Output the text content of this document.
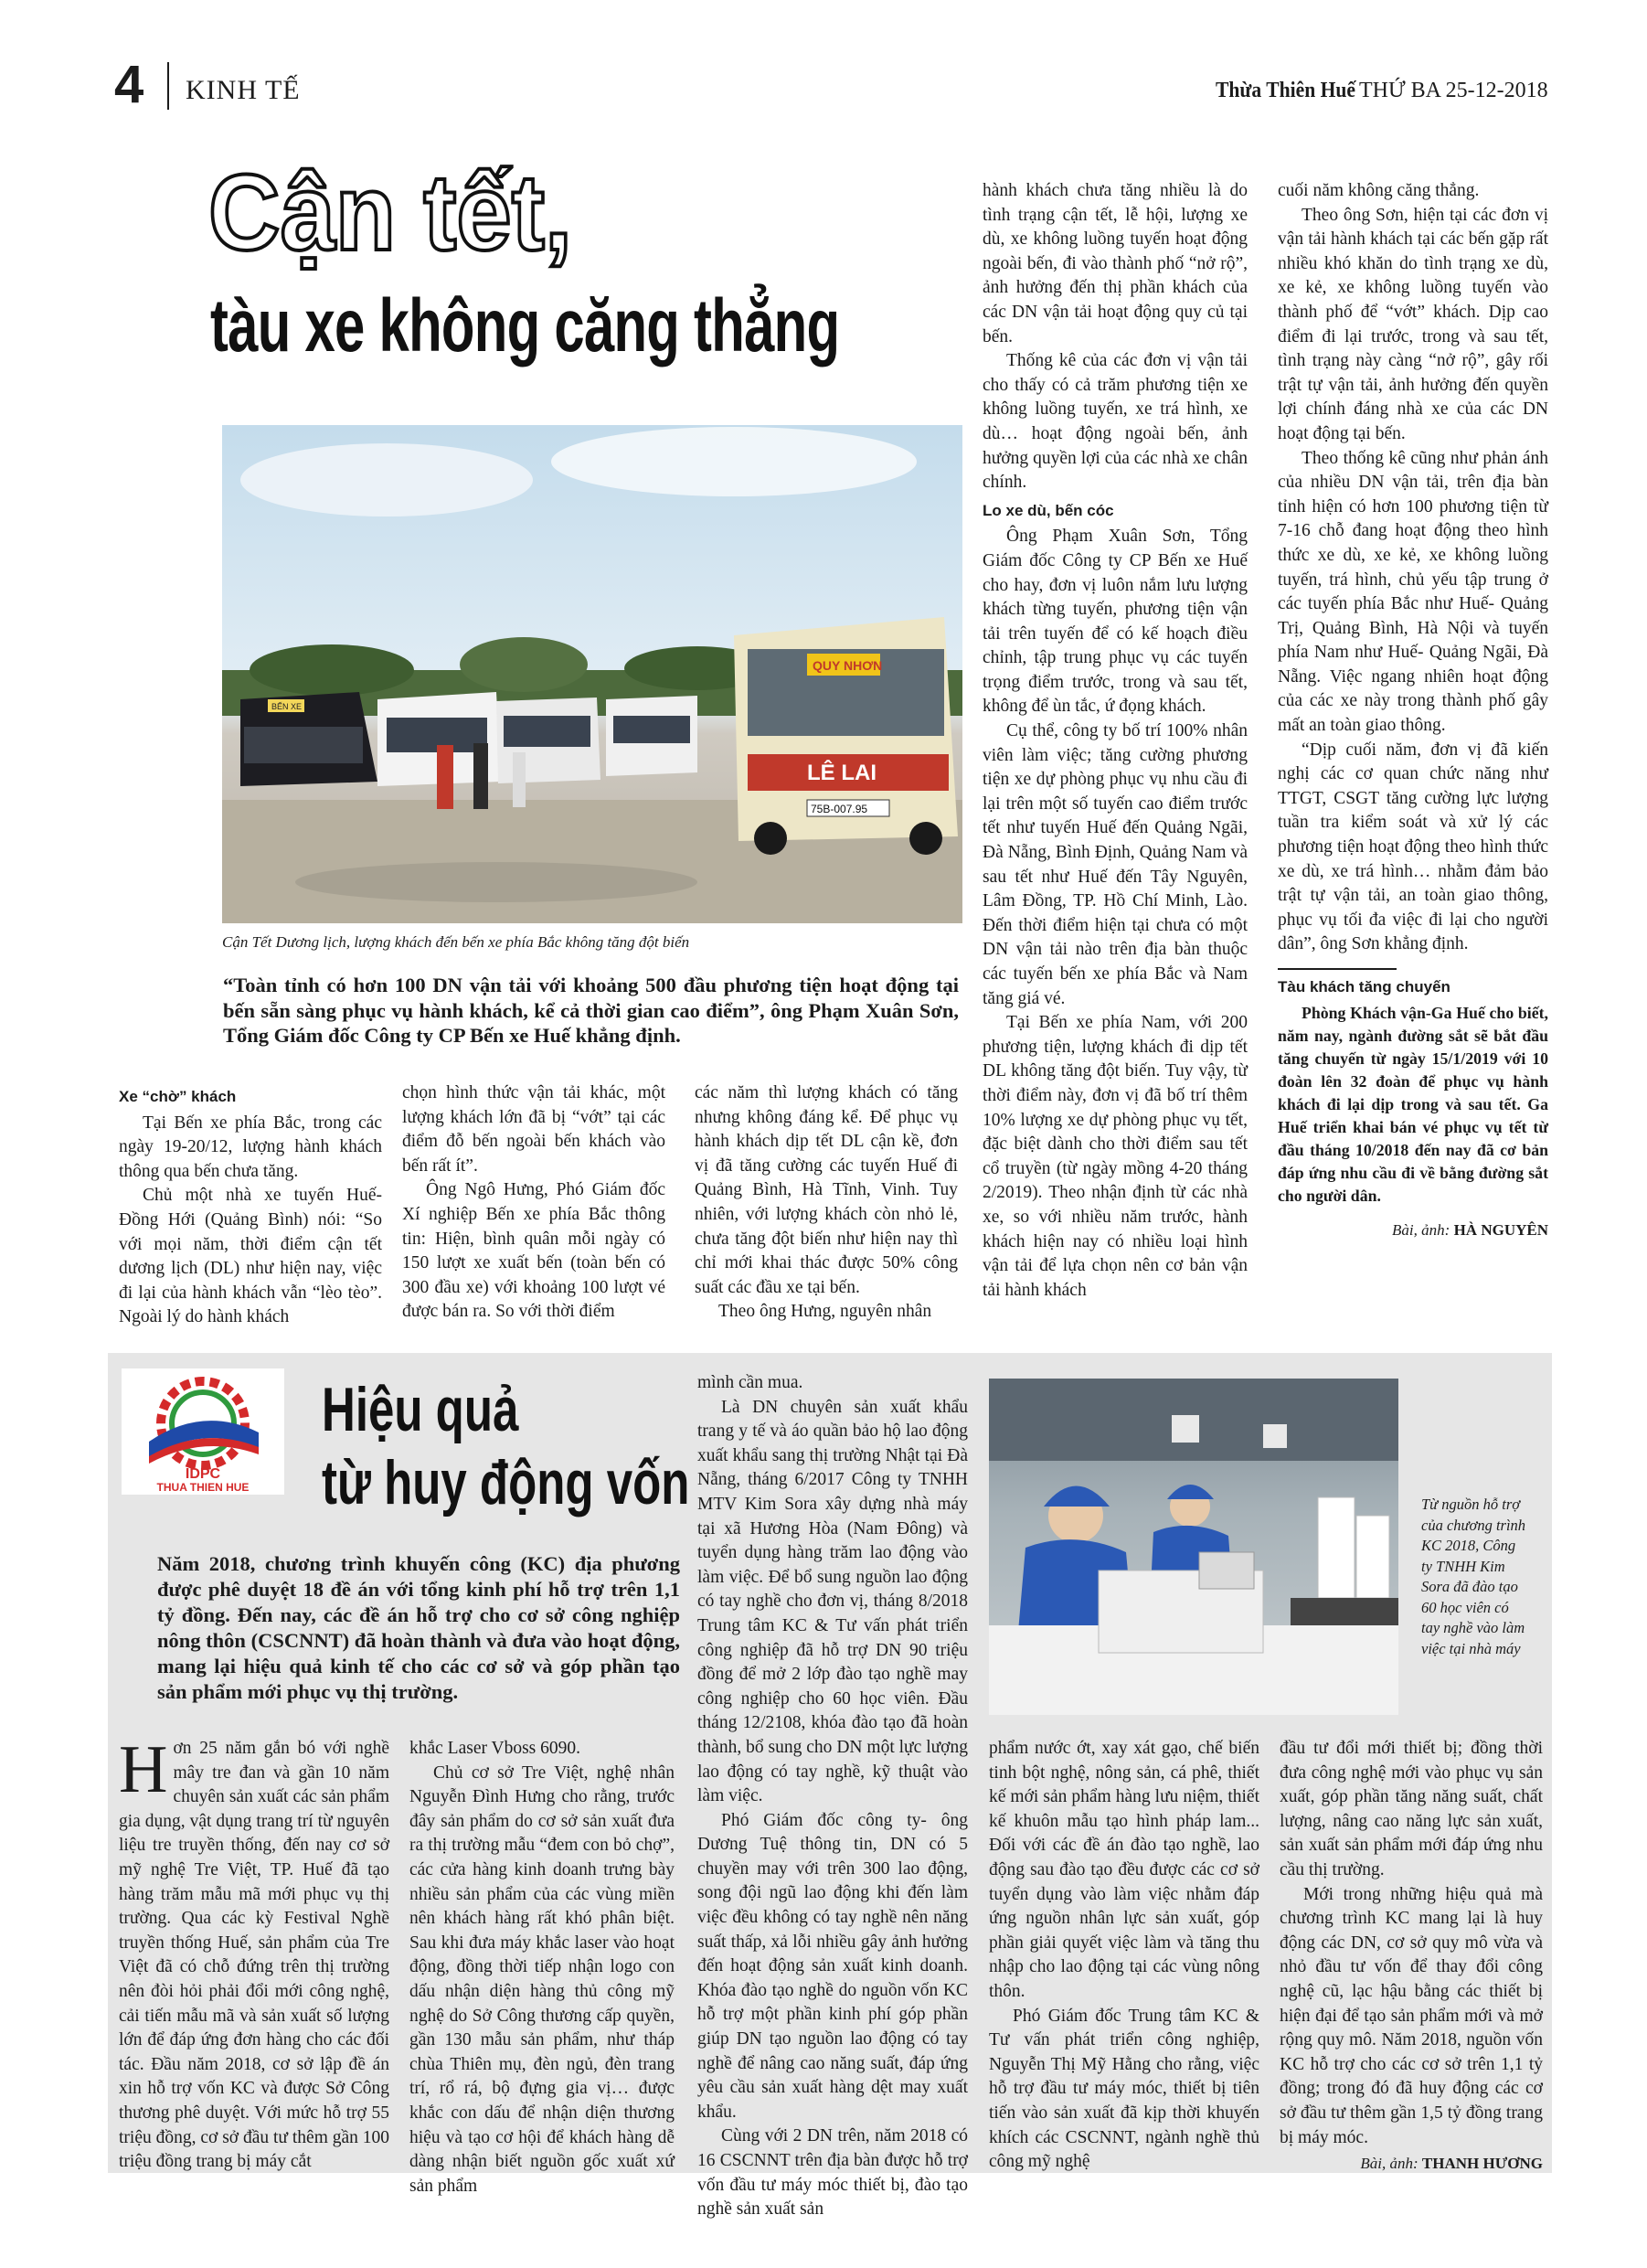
4 KINH TẾ	Thừa Thiên Huế THỨ BA 25-12-2018
Cận tết,
tàu xe không căng thẳng
BẾN XE
QUY NHƠN
LÊ LAI
75B-007.95
Cận Tết Dương lịch, lượng khách đến bến xe phía Bắc không tăng đột biến
“Toàn tỉnh có hơn 100 DN vận tải với khoảng 500 đầu phương tiện hoạt động tại bến sẵn sàng phục vụ hành khách, kể cả thời gian cao điểm”, ông Phạm Xuân Sơn, Tổng Giám đốc Công ty CP Bến xe Huế khẳng định.
Xe “chờ” khách

Tại Bến xe phía Bắc, trong các ngày 19-20/12, lượng hành khách thông qua bến chưa tăng.

Chủ một nhà xe tuyến Huế- Đồng Hới (Quảng Bình) nói: “So với mọi năm, thời điểm cận tết dương lịch (DL) như hiện nay, việc đi lại của hành khách vẫn “lèo tèo”. Ngoài lý do hành khách

chọn hình thức vận tải khác, một lượng khách lớn đã bị “vớt” tại các điểm đỗ bến ngoài bến khách vào bến rất ít”.

Ông Ngô Hưng, Phó Giám đốc Xí nghiệp Bến xe phía Bắc thông tin: Hiện, bình quân mỗi ngày có 150 lượt xe xuất bến (toàn bến có 300 đầu xe) với khoảng 100 lượt vé được bán ra. So với thời điểm

các năm thì lượng khách có tăng nhưng không đáng kể. Để phục vụ hành khách dịp tết DL cận kề, đơn vị đã tăng cường các tuyến Huế đi Quảng Bình, Hà Tĩnh, Vinh. Tuy nhiên, với lượng khách còn nhỏ lẻ, chưa tăng đột biến như hiện nay thì chỉ mới khai thác được 50% công suất các đầu xe tại bến.

Theo ông Hưng, nguyên nhân

hành khách chưa tăng nhiều là do tình trạng cận tết, lễ hội, lượng xe dù, xe không luồng tuyến hoạt động ngoài bến, đi vào thành phố “nở rộ”, ảnh hưởng đến thị phần khách của các DN vận tải hoạt động quy củ tại bến.

Thống kê của các đơn vị vận tải cho thấy có cả trăm phương tiện xe không luồng tuyến, xe trá hình, xe dù… hoạt động ngoài bến, ảnh hưởng quyền lợi của các nhà xe chân chính.

Lo xe dù, bến cóc

Ông Phạm Xuân Sơn, Tổng Giám đốc Công ty CP Bến xe Huế cho hay, đơn vị luôn nắm lưu lượng khách từng tuyến, phương tiện vận tải trên tuyến để có kế hoạch điều chỉnh, tập trung phục vụ các tuyến trọng điểm trước, trong và sau tết, không để ùn tắc, ứ đọng khách.

Cụ thể, công ty bố trí 100% nhân viên làm việc; tăng cường phương tiện xe dự phòng phục vụ nhu cầu đi lại trên một số tuyến cao điểm trước tết như tuyến Huế đến Quảng Ngãi, Đà Nẵng, Bình Định, Quảng Nam và sau tết như Huế đến Tây Nguyên, Lâm Đồng, TP. Hồ Chí Minh, Lào. Đến thời điểm hiện tại chưa có một DN vận tải nào trên địa bàn thuộc các tuyến bến xe phía Bắc và Nam tăng giá vé.

Tại Bến xe phía Nam, với 200 phương tiện, lượng khách đi dịp tết DL không tăng đột biến. Tuy vậy, từ thời điểm này, đơn vị đã bố trí thêm 10% lượng xe dự phòng phục vụ tết, đặc biệt dành cho thời điểm sau tết cổ truyền (từ ngày mồng 4-20 tháng 2/2019). Theo nhận định từ các nhà xe, so với nhiều năm trước, hành khách hiện nay có nhiều loại hình vận tải để lựa chọn nên cơ bản vận tải hành khách

cuối năm không căng thẳng.

Theo ông Sơn, hiện tại các đơn vị vận tải hành khách tại các bến gặp rất nhiều khó khăn do tình trạng xe dù, xe kẻ, xe không luồng tuyến vào thành phố để “vớt” khách. Dịp cao điểm đi lại trước, trong và sau tết, tình trạng này càng “nở rộ”, gây rối trật tự vận tải, ảnh hưởng đến quyền lợi chính đáng nhà xe của các DN hoạt động tại bến.

Theo thống kê cũng như phản ánh của nhiều DN vận tải, trên địa bàn tỉnh hiện có hơn 100 phương tiện từ 7-16 chỗ đang hoạt động theo hình thức xe dù, xe kẻ, xe không luồng tuyến, trá hình, chủ yếu tập trung ở các tuyến phía Bắc như Huế- Quảng Trị, Quảng Bình, Hà Nội và tuyến phía Nam như Huế- Quảng Ngãi, Đà Nẵng. Việc ngang nhiên hoạt động của các xe này trong thành phố gây mất an toàn giao thông.

“Dịp cuối năm, đơn vị đã kiến nghị các cơ quan chức năng như TTGT, CSGT tăng cường lực lượng tuần tra kiểm soát và xử lý các phương tiện hoạt động theo hình thức xe dù, xe trá hình… nhằm đảm bảo trật tự vận tải, an toàn giao thông, phục vụ tối đa việc đi lại cho người dân”, ông Sơn khẳng định.

Tàu khách tăng chuyến

Phòng Khách vận-Ga Huế cho biết, năm nay, ngành đường sắt sẽ bắt đầu tăng chuyến từ ngày 15/1/2019 với 10 đoàn lên 32 đoàn để phục vụ hành khách đi lại dịp trong và sau tết. Ga Huế triển khai bán vé phục vụ tết từ đầu tháng 10/2018 đến nay đã cơ bản đáp ứng nhu cầu đi về bằng đường sắt cho người dân.

Bài, ảnh: HÀ NGUYÊN
IDPC
THUA THIEN HUE
Hiệu quả
từ huy động vốn
Năm 2018, chương trình khuyến công (KC) địa phương được phê duyệt 18 đề án với tổng kinh phí hỗ trợ trên 1,1 tỷ đồng. Đến nay, các đề án hỗ trợ cho cơ sở công nghiệp nông thôn (CSCNNT) đã hoàn thành và đưa vào hoạt động, mang lại hiệu quả kinh tế cho các cơ sở và góp phần tạo sản phẩm mới phục vụ thị trường.

Hơn 25 năm gắn bó với nghề mây tre đan và gần 10 năm chuyên sản xuất các sản phẩm gia dụng, vật dụng trang trí từ nguyên liệu tre truyền thống, đến nay cơ sở mỹ nghệ Tre Việt, TP. Huế đã tạo hàng trăm mẫu mã mới phục vụ thị trường. Qua các kỳ Festival Nghề truyền thống Huế, sản phẩm của Tre Việt đã có chỗ đứng trên thị trường nên đòi hỏi phải đổi mới công nghệ, cải tiến mẫu mã và sản xuất số lượng lớn để đáp ứng đơn hàng cho các đối tác. Đầu năm 2018, cơ sở lập đề án xin hỗ trợ vốn KC và được Sở Công thương phê duyệt. Với mức hỗ trợ 55 triệu đồng, cơ sở đầu tư thêm gần 100 triệu đồng trang bị máy cắt

khắc Laser Vboss 6090.

Chủ cơ sở Tre Việt, nghệ nhân Nguyễn Đình Hưng cho rằng, trước đây sản phẩm do cơ sở sản xuất đưa ra thị trường mẫu “đem con bỏ chợ”, các cửa hàng kinh doanh trưng bày nhiều sản phẩm của các vùng miền nên khách hàng rất khó phân biệt. Sau khi đưa máy khắc laser vào hoạt động, đồng thời tiếp nhận logo con dấu nhận diện hàng thủ công mỹ nghệ do Sở Công thương cấp quyền, gần 130 mẫu sản phẩm, như tháp chùa Thiên mụ, đèn ngủ, đèn trang trí, rổ rá, bộ đựng gia vị… được khắc con dấu để nhận diện thương hiệu và tạo cơ hội để khách hàng dễ dàng nhận biết nguồn gốc xuất xứ sản phẩm

mình cần mua.

Là DN chuyên sản xuất khẩu trang y tế và áo quần bảo hộ lao động xuất khẩu sang thị trường Nhật tại Đà Nẵng, tháng 6/2017 Công ty TNHH MTV Kim Sora xây dựng nhà máy tại xã Hương Hòa (Nam Đông) và tuyển dụng hàng trăm lao động vào làm việc. Để bổ sung nguồn lao động có tay nghề cho đơn vị, tháng 8/2018 Trung tâm KC & Tư vấn phát triển công nghiệp đã hỗ trợ DN 90 triệu đồng để mở 2 lớp đào tạo nghề may công nghiệp cho 60 học viên. Đầu tháng 12/2108, khóa đào tạo đã hoàn thành, bổ sung cho DN một lực lượng lao động có tay nghề, kỹ thuật vào làm việc.

Phó Giám đốc công ty- ông Dương Tuệ thông tin, DN có 5 chuyền may với trên 300 lao động, song đội ngũ lao động khi đến làm việc đều không có tay nghề nên năng suất thấp, xả lỗi nhiều gây ảnh hưởng đến hoạt động sản xuất kinh doanh. Khóa đào tạo nghề do nguồn vốn KC hỗ trợ một phần kinh phí góp phần giúp DN tạo nguồn lao động có tay nghề để nâng cao năng suất, đáp ứng yêu cầu sản xuất hàng dệt may xuất khẩu.

Cùng với 2 DN trên, năm 2018 có 16 CSCNNT trên địa bàn được hỗ trợ vốn đầu tư máy móc thiết bị, đào tạo nghề sản xuất sản

Từ nguồn hỗ trợ của chương trình KC 2018, Công ty TNHH Kim Sora đã đào tạo 60 học viên có tay nghề vào làm việc tại nhà máy

phẩm nước ớt, xay xát gạo, chế biến tinh bột nghệ, nông sản, cá phê, thiết kế mới sản phẩm hàng lưu niệm, thiết kế khuôn mẫu tạo hình pháp lam... Đối với các đề án đào tạo nghề, lao động sau đào tạo đều được các cơ sở tuyển dụng vào làm việc nhằm đáp ứng nguồn nhân lực sản xuất, góp phần giải quyết việc làm và tăng thu nhập cho lao động tại các vùng nông thôn.

Phó Giám đốc Trung tâm KC & Tư vấn phát triển công nghiệp, Nguyễn Thị Mỹ Hằng cho rằng, việc hỗ trợ đầu tư máy móc, thiết bị tiên tiến vào sản xuất đã kịp thời khuyến khích các CSCNNT, ngành nghề thủ công mỹ nghệ

đầu tư đổi mới thiết bị; đồng thời đưa công nghệ mới vào phục vụ sản xuất, góp phần tăng năng suất, chất lượng, nâng cao năng lực sản xuất, sản xuất sản phẩm mới đáp ứng nhu cầu thị trường.

Mới trong những hiệu quả mà chương trình KC mang lại là huy động các DN, cơ sở quy mô vừa và nhỏ đầu tư vốn để thay đổi công nghệ cũ, lạc hậu bằng các thiết bị hiện đại để tạo sản phẩm mới và mở rộng quy mô. Năm 2018, nguồn vốn KC hỗ trợ cho các cơ sở trên 1,1 tỷ đồng; trong đó đã huy động các cơ sở đầu tư thêm gần 1,5 tỷ đồng trang bị máy móc.

Bài, ảnh: THANH HƯƠNG
